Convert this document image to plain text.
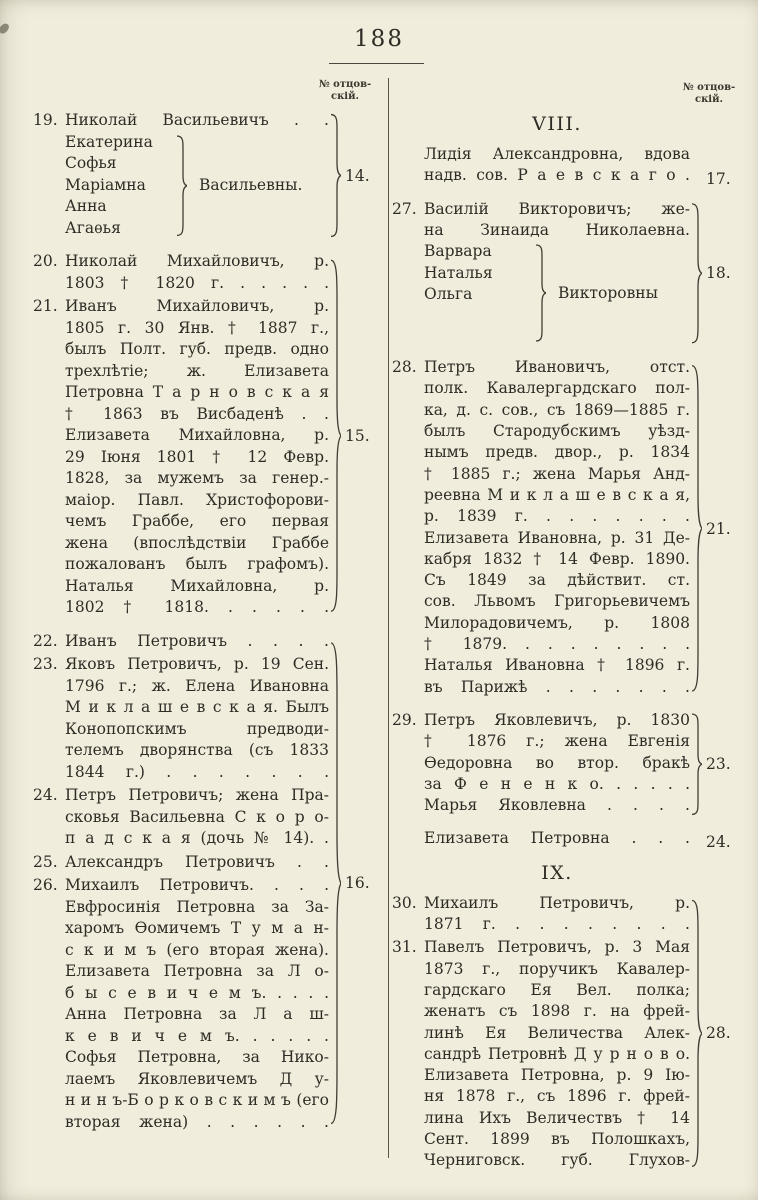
188
№ отцов-
скій.
19. Николай Васильевичъ . .
Екатерина
Софья
Маріамна
Анна
Агаѳья
Васильевны.
14.
20. Николай Михайловичъ, р.
1803 † 1820 г. . . . . .
21. Иванъ Михайловичъ, р.
1805 г. 30 Янв. † 1887 г.,
былъ Полт. губ. предв. одно
трехлѣтіе; ж. Елизавета
Петровна Т а р н о в с к а я
† 1863 въ Висбаденѣ . .
Елизавета Михайловна, р.
29 Іюня 1801 † 12 Февр.
1828, за мужемъ за генер.-
маіор. Павл. Христофорови-
чемъ Граббе, его первая
жена (впослѣдствіи Граббе
пожалованъ былъ графомъ).
Наталья Михайловна, р.
1802 † 1818. . . . . .
15.
22. Иванъ Петровичъ . . . .
23. Яковъ Петровичъ, р. 19 Сен.
1796 г.; ж. Елена Ивановна
М и к л а ш е в с к а я. Былъ
Конопопскимъ предводи-
телемъ дворянства (съ 1833
1844 г.) . . . . . . .
24. Петръ Петровичъ; жена Пра-
сковья Васильевна С к о р о-
п а д с к а я (дочь № 14). .
25. Александръ Петровичъ . .
26. Михаилъ Петровичъ. . . .
Евфросинія Петровна за За-
харомъ Ѳомичемъ Т у м а н-
с к и м ъ (его вторая жена).
Елизавета Петровна за Л о-
б ы с е в и ч е м ъ. . . . .
Анна Петровна за Л а ш-
к е в и ч е м ъ. . . . . .
Софья Петровна, за Нико-
лаемъ Яковлевичемъ Д у-
н и н ъ-Б о р к о в с к и м ъ (его
вторая жена) . . . . . .
16.
№ отцов-
скій.
VIII.
Лидія Александровна, вдова
надв. сов. Р а е в с к а г о . 17.
27. Василій Викторовичъ; же-
на Зинаида Николаевна.
Варвара
Наталья
Ольга	Викторовны
18.
28. Петръ Ивановичъ, отст.
полк. Кавалергардскаго пол-
ка, д. с. сов., съ 1869—1885 г.
былъ Стародубскимъ уѣзд-
нымъ предв. двор., р. 1834
† 1885 г.; жена Марья Анд-
реевна М и к л а ш е в с к а я,
р. 1839 г. . . . . . . .
Елизавета Ивановна, р. 31 Де-
кабря 1832 † 14 Февр. 1890.
Съ 1849 за дѣйствит. ст.
сов. Львомъ Григорьевичемъ
Милорадовичемъ, р. 1808
† 1879. . . . . . . . .
Наталья Ивановна † 1896 г.
въ Парижѣ . . . . . . .
21.
29. Петръ Яковлевичъ, р. 1830
† 1876 г.; жена Евгенія
Ѳедоровна во втор. бракѣ
за Ф е н е н к о. . . . . .
Марья Яковлевна . . . .
23.
Елизавета Петровна . . . 24.
IX.
30. Михаилъ Петровичъ, р.
1871 г. . . . . . . . .
31. Павелъ Петровичъ, р. 3 Мая
1873 г., поручикъ Кавалер-
гардскаго Ея Вел. полка;
женатъ съ 1898 г. на фрей-
линѣ Ея Величества Алек-
сандрѣ Петровнѣ Д у р н о в о.
Елизавета Петровна, р. 9 Ію-
ня 1878 г., съ 1896 г. фрей-
лина Ихъ Величествъ † 14
Сент. 1899 въ Полошкахъ,
Черниговск. губ. Глухов-
28.
